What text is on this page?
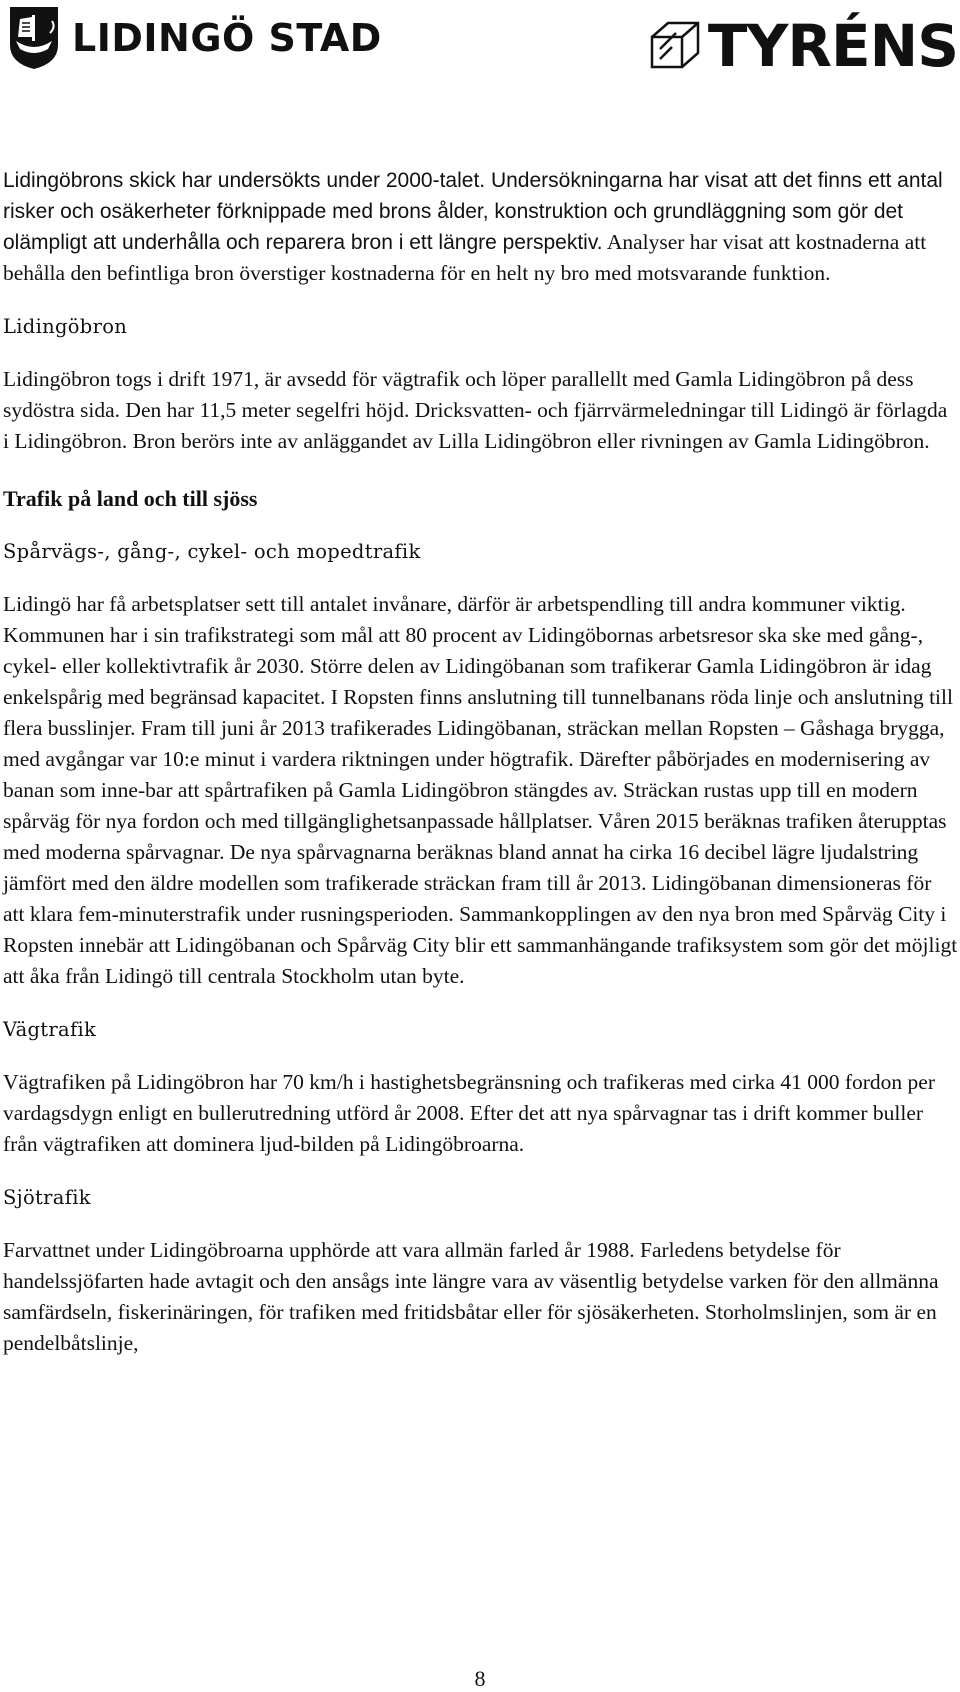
LIDINGÖ STAD	TYRÉNS

Lidingöbrons skick har undersökts under 2000-talet. Undersökningarna har visat att det finns ett antal risker och osäkerheter förknippade med brons ålder, konstruktion och grundläggning som gör det olämpligt att underhålla och reparera bron i ett längre perspektiv. Analyser har visat att kostnaderna att behålla den befintliga bron överstiger kostnaderna för en helt ny bro med motsvarande funktion.

Lidingöbron

Lidingöbron togs i drift 1971, är avsedd för vägtrafik och löper parallellt med Gamla Lidingöbron på dess sydöstra sida. Den har 11,5 meter segelfri höjd. Dricksvatten- och fjärrvärmeledningar till Lidingö är förlagda i Lidingöbron. Bron berörs inte av anläggandet av Lilla Lidingöbron eller rivningen av Gamla Lidingöbron.

Trafik på land och till sjöss

Spårvägs-, gång-, cykel- och mopedtrafik

Lidingö har få arbetsplatser sett till antalet invånare, därför är arbetspendling till andra kommuner viktig. Kommunen har i sin trafikstrategi som mål att 80 procent av Lidingöbornas arbetsresor ska ske med gång-, cykel- eller kollektivtrafik år 2030. Större delen av Lidingöbanan som trafikerar Gamla Lidingöbron är idag enkelspårig med begränsad kapacitet. I Ropsten finns anslutning till tunnelbanans röda linje och anslutning till flera busslinjer. Fram till juni år 2013 trafikerades Lidingöbanan, sträckan mellan Ropsten – Gåshaga brygga, med avgångar var 10:e minut i vardera riktningen under högtrafik. Därefter påbörjades en modernisering av banan som inne-bar att spårtrafiken på Gamla Lidingöbron stängdes av. Sträckan rustas upp till en modern spårväg för nya fordon och med tillgänglighetsanpassade hållplatser. Våren 2015 beräknas trafiken återupptas med moderna spårvagnar. De nya spårvagnarna beräknas bland annat ha cirka 16 decibel lägre ljudalstring jämfört med den äldre modellen som trafikerade sträckan fram till år 2013. Lidingöbanan dimensioneras för att klara fem-minuterstrafik under rusningsperioden. Sammankopplingen av den nya bron med Spårväg City i Ropsten innebär att Lidingöbanan och Spårväg City blir ett sammanhängande trafiksystem som gör det möjligt att åka från Lidingö till centrala Stockholm utan byte.

Vägtrafik

Vägtrafiken på Lidingöbron har 70 km/h i hastighetsbegränsning och trafikeras med cirka 41 000 fordon per vardagsdygn enligt en bullerutredning utförd år 2008. Efter det att nya spårvagnar tas i drift kommer buller från vägtrafiken att dominera ljud-bilden på Lidingöbroarna.

Sjötrafik

Farvattnet under Lidingöbroarna upphörde att vara allmän farled år 1988. Farledens betydelse för handelssjöfarten hade avtagit och den ansågs inte längre vara av väsentlig betydelse varken för den allmänna samfärdseln, fiskerinäringen, för trafiken med fritidsbåtar eller för sjösäkerheten. Storholmslinjen, som är en pendelbåtslinje,

8
